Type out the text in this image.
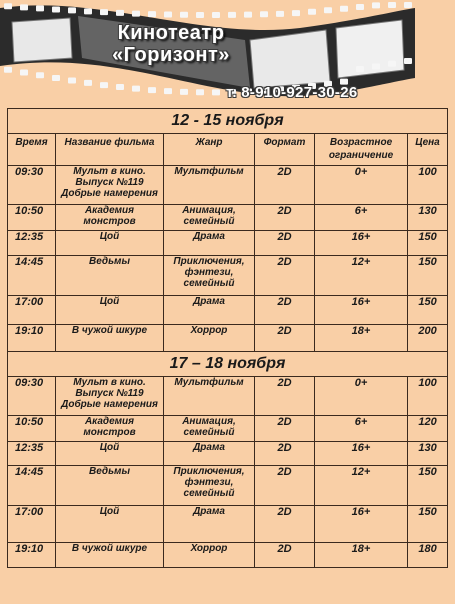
Кинотеатр
«Горизонт»
т. 8-910-927-30-26
12 - 15 ноября					
Время	Название фильма	Жанр	Формат	Возрастное ограничение	Цена
09:30	Мульт в кино. Выпуск №119 Добрые намерения	Мультфильм	2D	0+	100
10:50	Академия монстров	Анимация, семейный	2D	6+	130
12:35	Цой	Драма	2D	16+	150
14:45	Ведьмы	Приключения, фэнтези, семейный	2D	12+	150
17:00	Цой	Драма	2D	16+	150
19:10	В чужой шкуре	Хоррор	2D	18+	200
17 – 18 ноября					
09:30	Мульт в кино. Выпуск №119 Добрые намерения	Мультфильм	2D	0+	100
10:50	Академия монстров	Анимация, семейный	2D	6+	120
12:35	Цой	Драма	2D	16+	130
14:45	Ведьмы	Приключения, фэнтези, семейный	2D	12+	150
17:00	Цой	Драма	2D	16+	150
19:10	В чужой шкуре	Хоррор	2D	18+	180
